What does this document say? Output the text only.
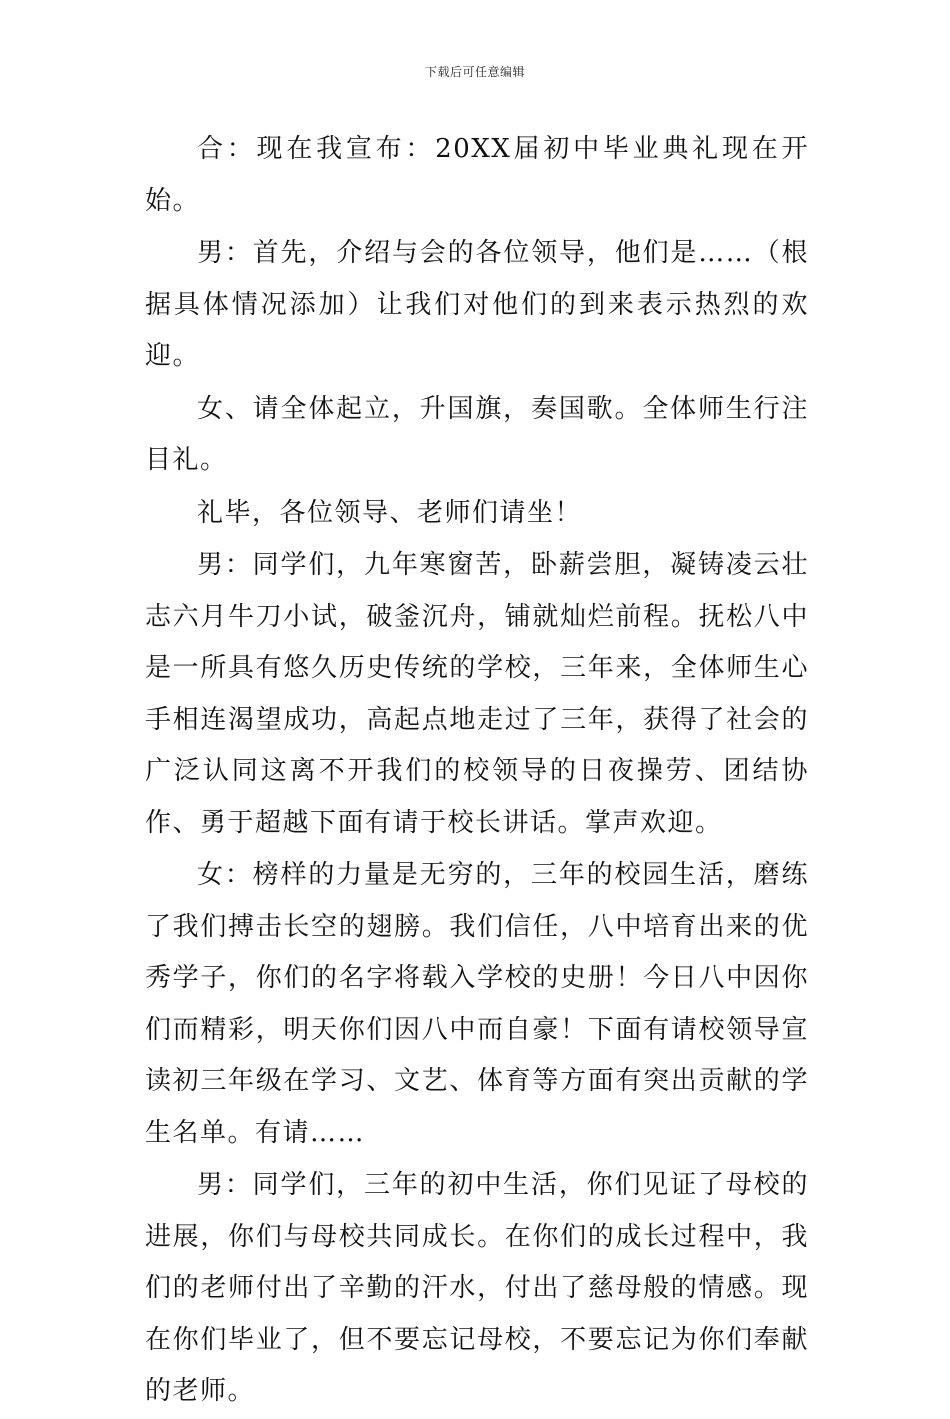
下载后可任意编辑

合：现在我宣布：20XX届初中毕业典礼现在开始。

男：首先，介绍与会的各位领导，他们是……（根据具体情况添加）让我们对他们的到来表示热烈的欢迎。

女、请全体起立，升国旗，奏国歌。全体师生行注目礼。

礼毕，各位领导、老师们请坐！

男：同学们，九年寒窗苦，卧薪尝胆，凝铸凌云壮志六月牛刀小试，破釜沉舟，铺就灿烂前程。抚松八中是一所具有悠久历史传统的学校，三年来，全体师生心手相连渴望成功，高起点地走过了三年，获得了社会的广泛认同这离不开我们的校领导的日夜操劳、团结协作、勇于超越下面有请于校长讲话。掌声欢迎。

女：榜样的力量是无穷的，三年的校园生活，磨练了我们搏击长空的翅膀。我们信任，八中培育出来的优秀学子，你们的名字将载入学校的史册！今日八中因你们而精彩，明天你们因八中而自豪！下面有请校领导宣读初三年级在学习、文艺、体育等方面有突出贡献的学生名单。有请……

男：同学们，三年的初中生活，你们见证了母校的进展，你们与母校共同成长。在你们的成长过程中，我们的老师付出了辛勤的汗水，付出了慈母般的情感。现在你们毕业了，但不要忘记母校，不要忘记为你们奉献的老师。
